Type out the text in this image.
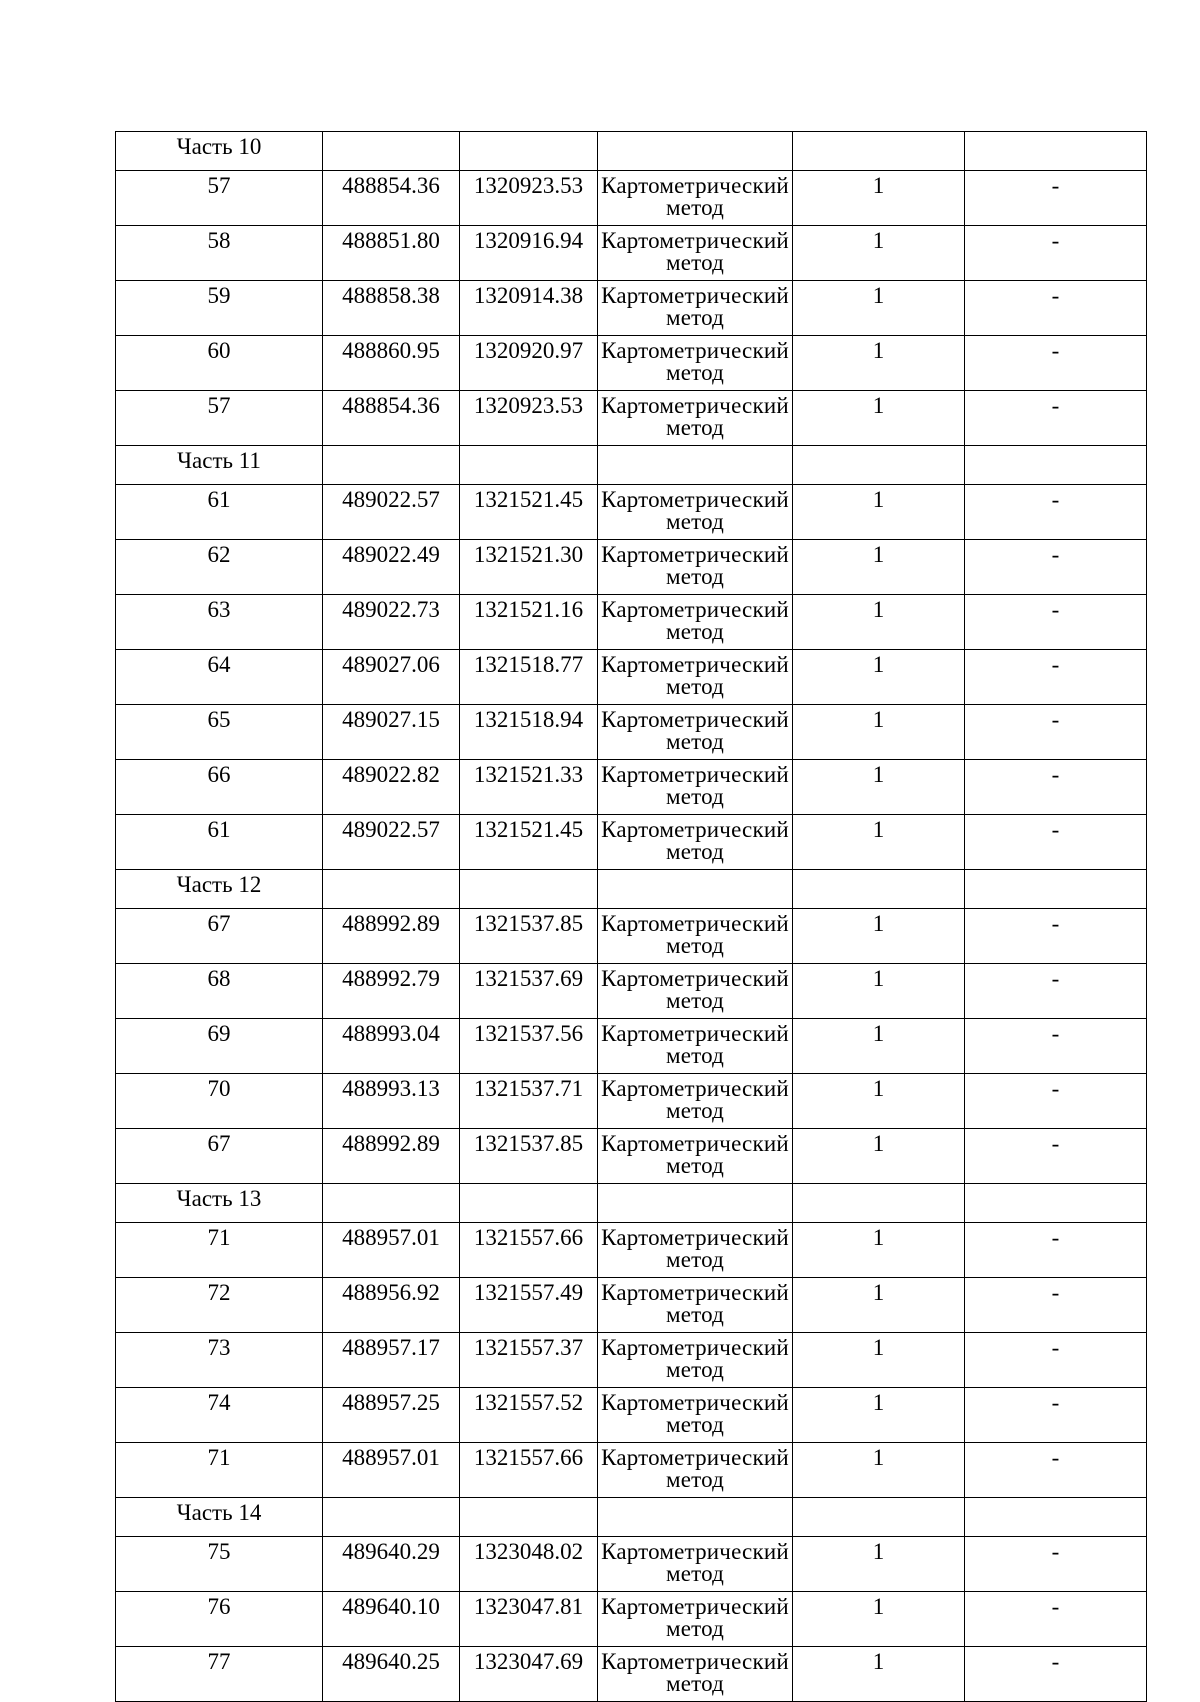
Часть 10					
57	488854.36	1320923.53	Картометрический метод	1	-
58	488851.80	1320916.94	Картометрический метод	1	-
59	488858.38	1320914.38	Картометрический метод	1	-
60	488860.95	1320920.97	Картометрический метод	1	-
57	488854.36	1320923.53	Картометрический метод	1	-
Часть 11					
61	489022.57	1321521.45	Картометрический метод	1	-
62	489022.49	1321521.30	Картометрический метод	1	-
63	489022.73	1321521.16	Картометрический метод	1	-
64	489027.06	1321518.77	Картометрический метод	1	-
65	489027.15	1321518.94	Картометрический метод	1	-
66	489022.82	1321521.33	Картометрический метод	1	-
61	489022.57	1321521.45	Картометрический метод	1	-
Часть 12					
67	488992.89	1321537.85	Картометрический метод	1	-
68	488992.79	1321537.69	Картометрический метод	1	-
69	488993.04	1321537.56	Картометрический метод	1	-
70	488993.13	1321537.71	Картометрический метод	1	-
67	488992.89	1321537.85	Картометрический метод	1	-
Часть 13					
71	488957.01	1321557.66	Картометрический метод	1	-
72	488956.92	1321557.49	Картометрический метод	1	-
73	488957.17	1321557.37	Картометрический метод	1	-
74	488957.25	1321557.52	Картометрический метод	1	-
71	488957.01	1321557.66	Картометрический метод	1	-
Часть 14					
75	489640.29	1323048.02	Картометрический метод	1	-
76	489640.10	1323047.81	Картометрический метод	1	-
77	489640.25	1323047.69	Картометрический метод	1	-
